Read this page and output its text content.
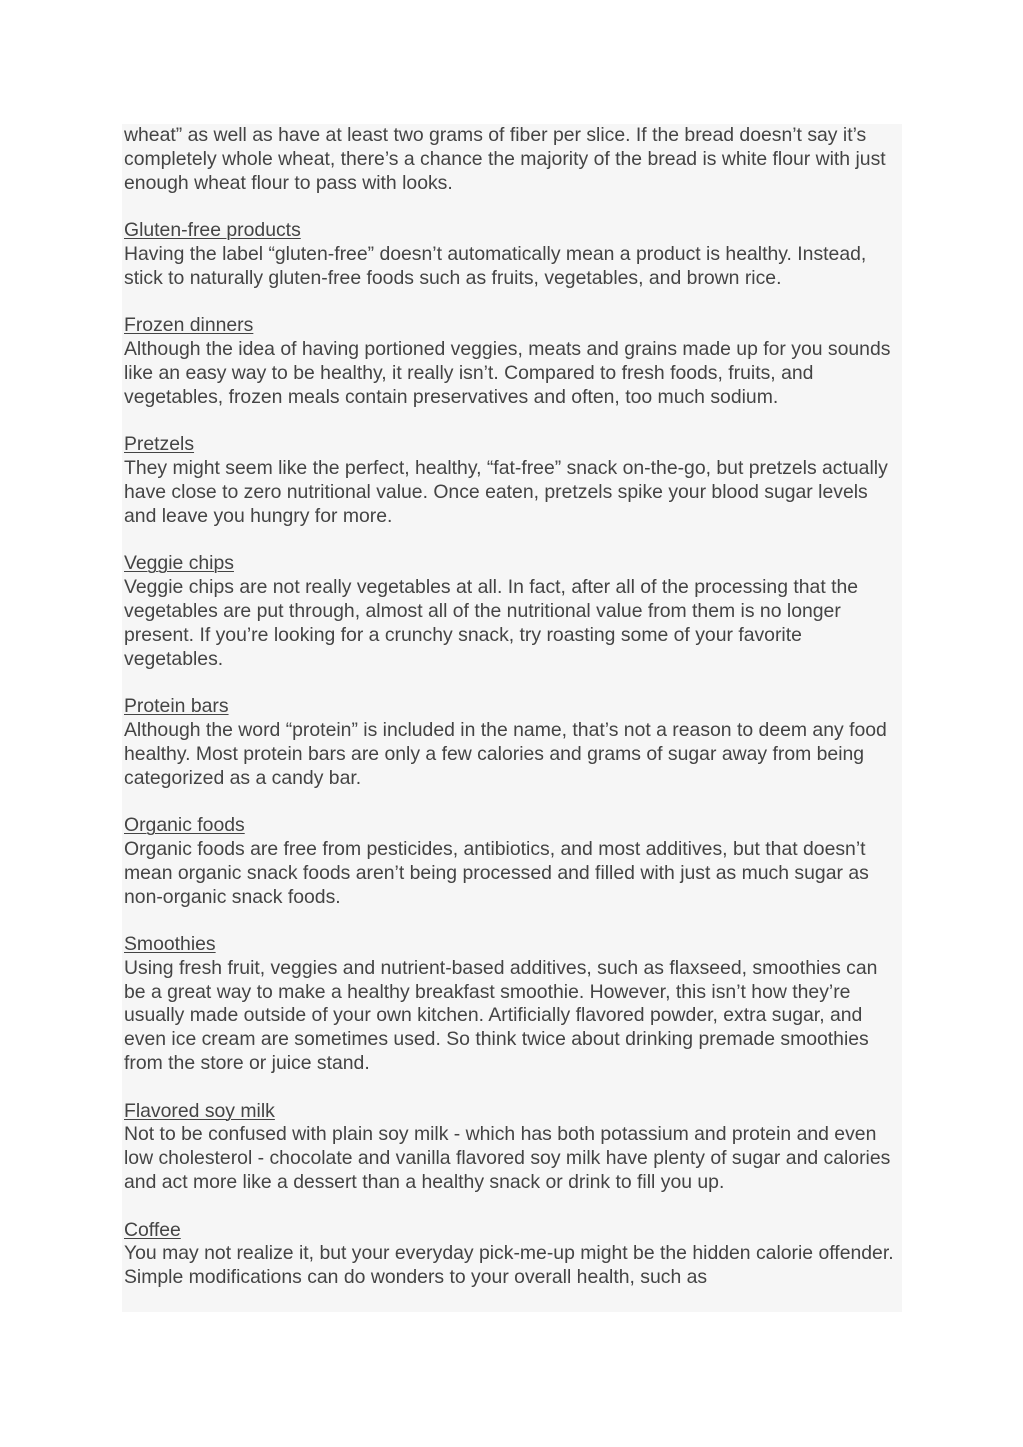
wheat” as well as have at least two grams of fiber per slice. If the bread doesn’t say it’s completely whole wheat, there’s a chance the majority of the bread is white flour with just enough wheat flour to pass with looks.

Gluten-free products
Having the label “gluten-free” doesn’t automatically mean a product is healthy. Instead, stick to naturally gluten-free foods such as fruits, vegetables, and brown rice.
Frozen dinners
Although the idea of having portioned veggies, meats and grains made up for you sounds like an easy way to be healthy, it really isn’t. Compared to fresh foods, fruits, and vegetables, frozen meals contain preservatives and often, too much sodium.
Pretzels
They might seem like the perfect, healthy, “fat-free” snack on-the-go, but pretzels actually have close to zero nutritional value. Once eaten, pretzels spike your blood sugar levels and leave you hungry for more.
Veggie chips
Veggie chips are not really vegetables at all. In fact, after all of the processing that the vegetables are put through, almost all of the nutritional value from them is no longer present. If you’re looking for a crunchy snack, try roasting some of your favorite vegetables.
Protein bars
Although the word “protein” is included in the name, that’s not a reason to deem any food healthy. Most protein bars are only a few calories and grams of sugar away from being categorized as a candy bar.
Organic foods
Organic foods are free from pesticides, antibiotics, and most additives, but that doesn’t mean organic snack foods aren’t being processed and filled with just as much sugar as non-organic snack foods.
Smoothies
Using fresh fruit, veggies and nutrient-based additives, such as flaxseed, smoothies can be a great way to make a healthy breakfast smoothie. However, this isn’t how they’re usually made outside of your own kitchen. Artificially flavored powder, extra sugar, and even ice cream are sometimes used. So think twice about drinking premade smoothies from the store or juice stand.
Flavored soy milk
Not to be confused with plain soy milk - which has both potassium and protein and even low cholesterol - chocolate and vanilla flavored soy milk have plenty of sugar and calories and act more like a dessert than a healthy snack or drink to fill you up.
Coffee
You may not realize it, but your everyday pick-me-up might be the hidden calorie offender. Simple modifications can do wonders to your overall health, such as
